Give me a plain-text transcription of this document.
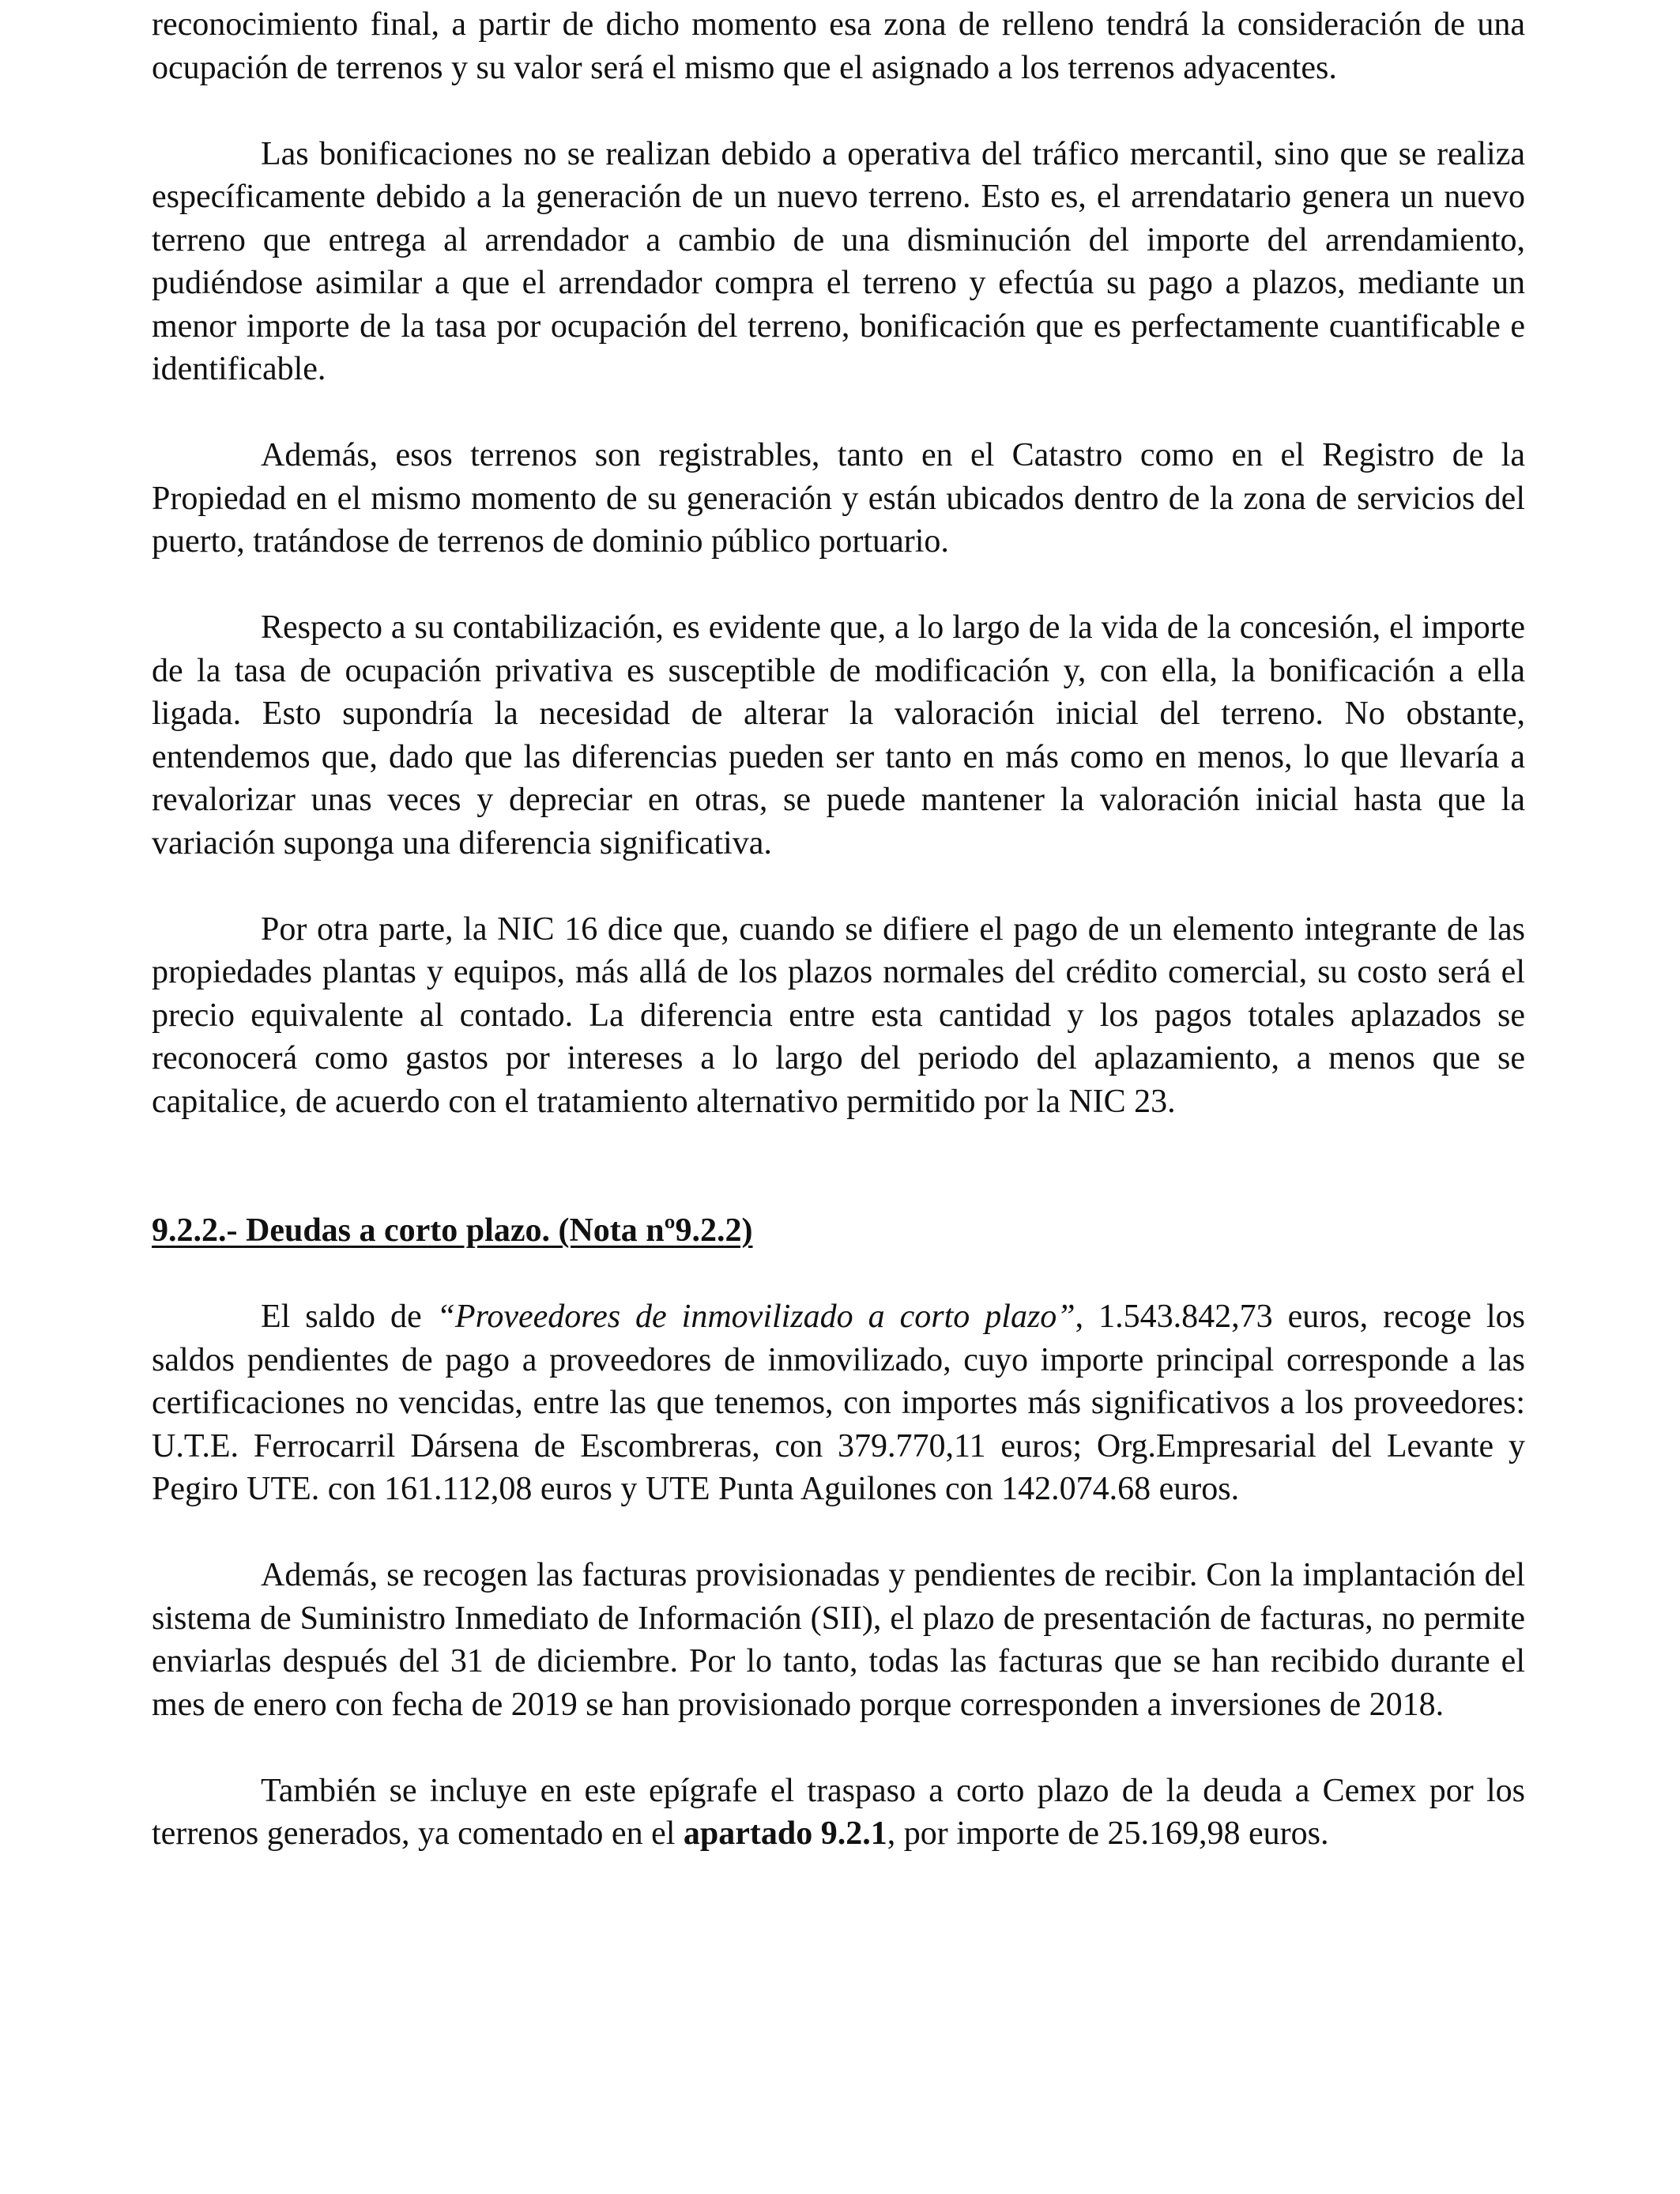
reconocimiento final, a partir de dicho momento esa zona de relleno tendrá la consideración de una ocupación de terrenos y su valor será el mismo que el asignado a los terrenos adyacentes.

Las bonificaciones no se realizan debido a operativa del tráfico mercantil, sino que se realiza específicamente debido a la generación de un nuevo terreno. Esto es, el arrendatario genera un nuevo terreno que entrega al arrendador a cambio de una disminución del importe del arrendamiento, pudiéndose asimilar a que el arrendador compra el terreno y efectúa su pago a plazos, mediante un menor importe de la tasa por ocupación del terreno, bonificación que es perfectamente cuantificable e identificable.

Además, esos terrenos son registrables, tanto en el Catastro como en el Registro de la Propiedad en el mismo momento de su generación y están ubicados dentro de la zona de servicios del puerto, tratándose de terrenos de dominio público portuario.

Respecto a su contabilización, es evidente que, a lo largo de la vida de la concesión, el importe de la tasa de ocupación privativa es susceptible de modificación y, con ella, la bonificación a ella ligada. Esto supondría la necesidad de alterar la valoración inicial del terreno. No obstante, entendemos que, dado que las diferencias pueden ser tanto en más como en menos, lo que llevaría a revalorizar unas veces y depreciar en otras, se puede mantener la valoración inicial hasta que la variación suponga una diferencia significativa.

Por otra parte, la NIC 16 dice que, cuando se difiere el pago de un elemento integrante de las propiedades plantas y equipos, más allá de los plazos normales del crédito comercial, su costo será el precio equivalente al contado. La diferencia entre esta cantidad y los pagos totales aplazados se reconocerá como gastos por intereses a lo largo del periodo del aplazamiento, a menos que se capitalice, de acuerdo con el tratamiento alternativo permitido por la NIC 23.

9.2.2.- Deudas a corto plazo. (Nota nº9.2.2)

El saldo de “Proveedores de inmovilizado a corto plazo”, 1.543.842,73 euros, recoge los saldos pendientes de pago a proveedores de inmovilizado, cuyo importe principal corresponde a las certificaciones no vencidas, entre las que tenemos, con importes más significativos a los proveedores: U.T.E. Ferrocarril Dársena de Escombreras, con 379.770,11 euros; Org.Empresarial del Levante y Pegiro UTE. con 161.112,08 euros y UTE Punta Aguilones con 142.074.68 euros.

Además, se recogen las facturas provisionadas y pendientes de recibir. Con la implantación del sistema de Suministro Inmediato de Información (SII), el plazo de presentación de facturas, no permite enviarlas después del 31 de diciembre. Por lo tanto, todas las facturas que se han recibido durante el mes de enero con fecha de 2019 se han provisionado porque corresponden a inversiones de 2018.

También se incluye en este epígrafe el traspaso a corto plazo de la deuda a Cemex por los terrenos generados, ya comentado en el apartado 9.2.1, por importe de 25.169,98 euros.
